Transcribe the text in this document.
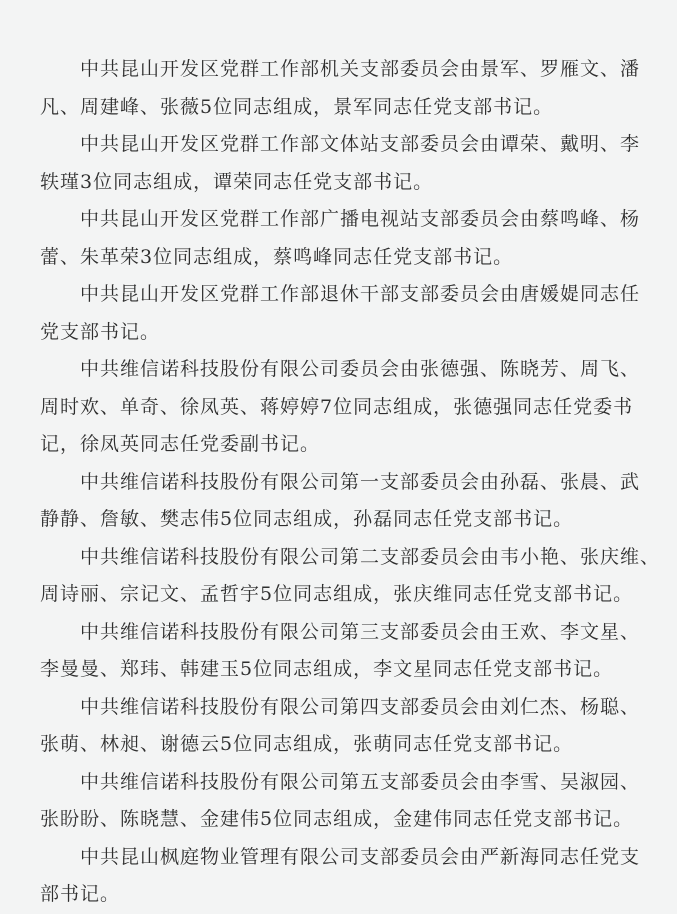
中共昆山开发区党群工作部机关支部委员会由景军、罗雁文、潘
凡、周建峰、张薇5位同志组成，景军同志任党支部书记。
中共昆山开发区党群工作部文体站支部委员会由谭荣、戴明、李
轶瑾3位同志组成，谭荣同志任党支部书记。
中共昆山开发区党群工作部广播电视站支部委员会由蔡鸣峰、杨
蕾、朱革荣3位同志组成，蔡鸣峰同志任党支部书记。
中共昆山开发区党群工作部退休干部支部委员会由唐媛媞同志任
党支部书记。
中共维信诺科技股份有限公司委员会由张德强、陈晓芳、周飞、
周时欢、单奇、徐凤英、蒋婷婷7位同志组成，张德强同志任党委书
记，徐凤英同志任党委副书记。
中共维信诺科技股份有限公司第一支部委员会由孙磊、张晨、武
静静、詹敏、樊志伟5位同志组成，孙磊同志任党支部书记。
中共维信诺科技股份有限公司第二支部委员会由韦小艳、张庆维、
周诗丽、宗记文、孟哲宇5位同志组成，张庆维同志任党支部书记。
中共维信诺科技股份有限公司第三支部委员会由王欢、李文星、
李曼曼、郑玮、韩建玉5位同志组成，李文星同志任党支部书记。
中共维信诺科技股份有限公司第四支部委员会由刘仁杰、杨聪、
张萌、林昶、谢德云5位同志组成，张萌同志任党支部书记。
中共维信诺科技股份有限公司第五支部委员会由李雪、吴淑园、
张盼盼、陈晓慧、金建伟5位同志组成，金建伟同志任党支部书记。
中共昆山枫庭物业管理有限公司支部委员会由严新海同志任党支
部书记。
